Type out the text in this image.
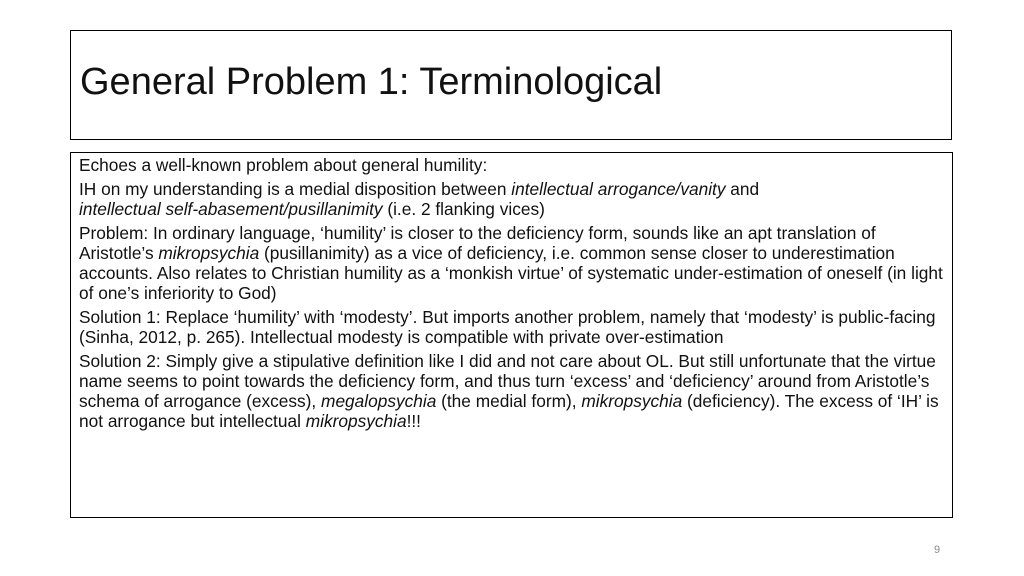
General Problem 1: Terminological

Echoes a well-known problem about general humility:

IH on my understanding is a medial disposition between intellectual arrogance/vanity and
intellectual self-abasement/pusillanimity (i.e. 2 flanking vices)

Problem: In ordinary language, ‘humility’ is closer to the deficiency form, sounds like an apt translation of Aristotle’s mikropsychia (pusillanimity) as a vice of deficiency, i.e. common sense closer to underestimation accounts. Also relates to Christian humility as a ‘monkish virtue’ of systematic under-estimation of oneself (in light of one’s inferiority to God)

Solution 1: Replace ‘humility’ with ‘modesty’. But imports another problem, namely that ‘modesty’ is public-facing (Sinha, 2012, p. 265). Intellectual modesty is compatible with private over-estimation

Solution 2: Simply give a stipulative definition like I did and not care about OL. But still unfortunate that the virtue name seems to point towards the deficiency form, and thus turn ‘excess’ and ‘deficiency’ around from Aristotle’s schema of arrogance (excess), megalopsychia (the medial form), mikropsychia (deficiency). The excess of ‘IH’ is not arrogance but intellectual mikropsychia!!!

9
